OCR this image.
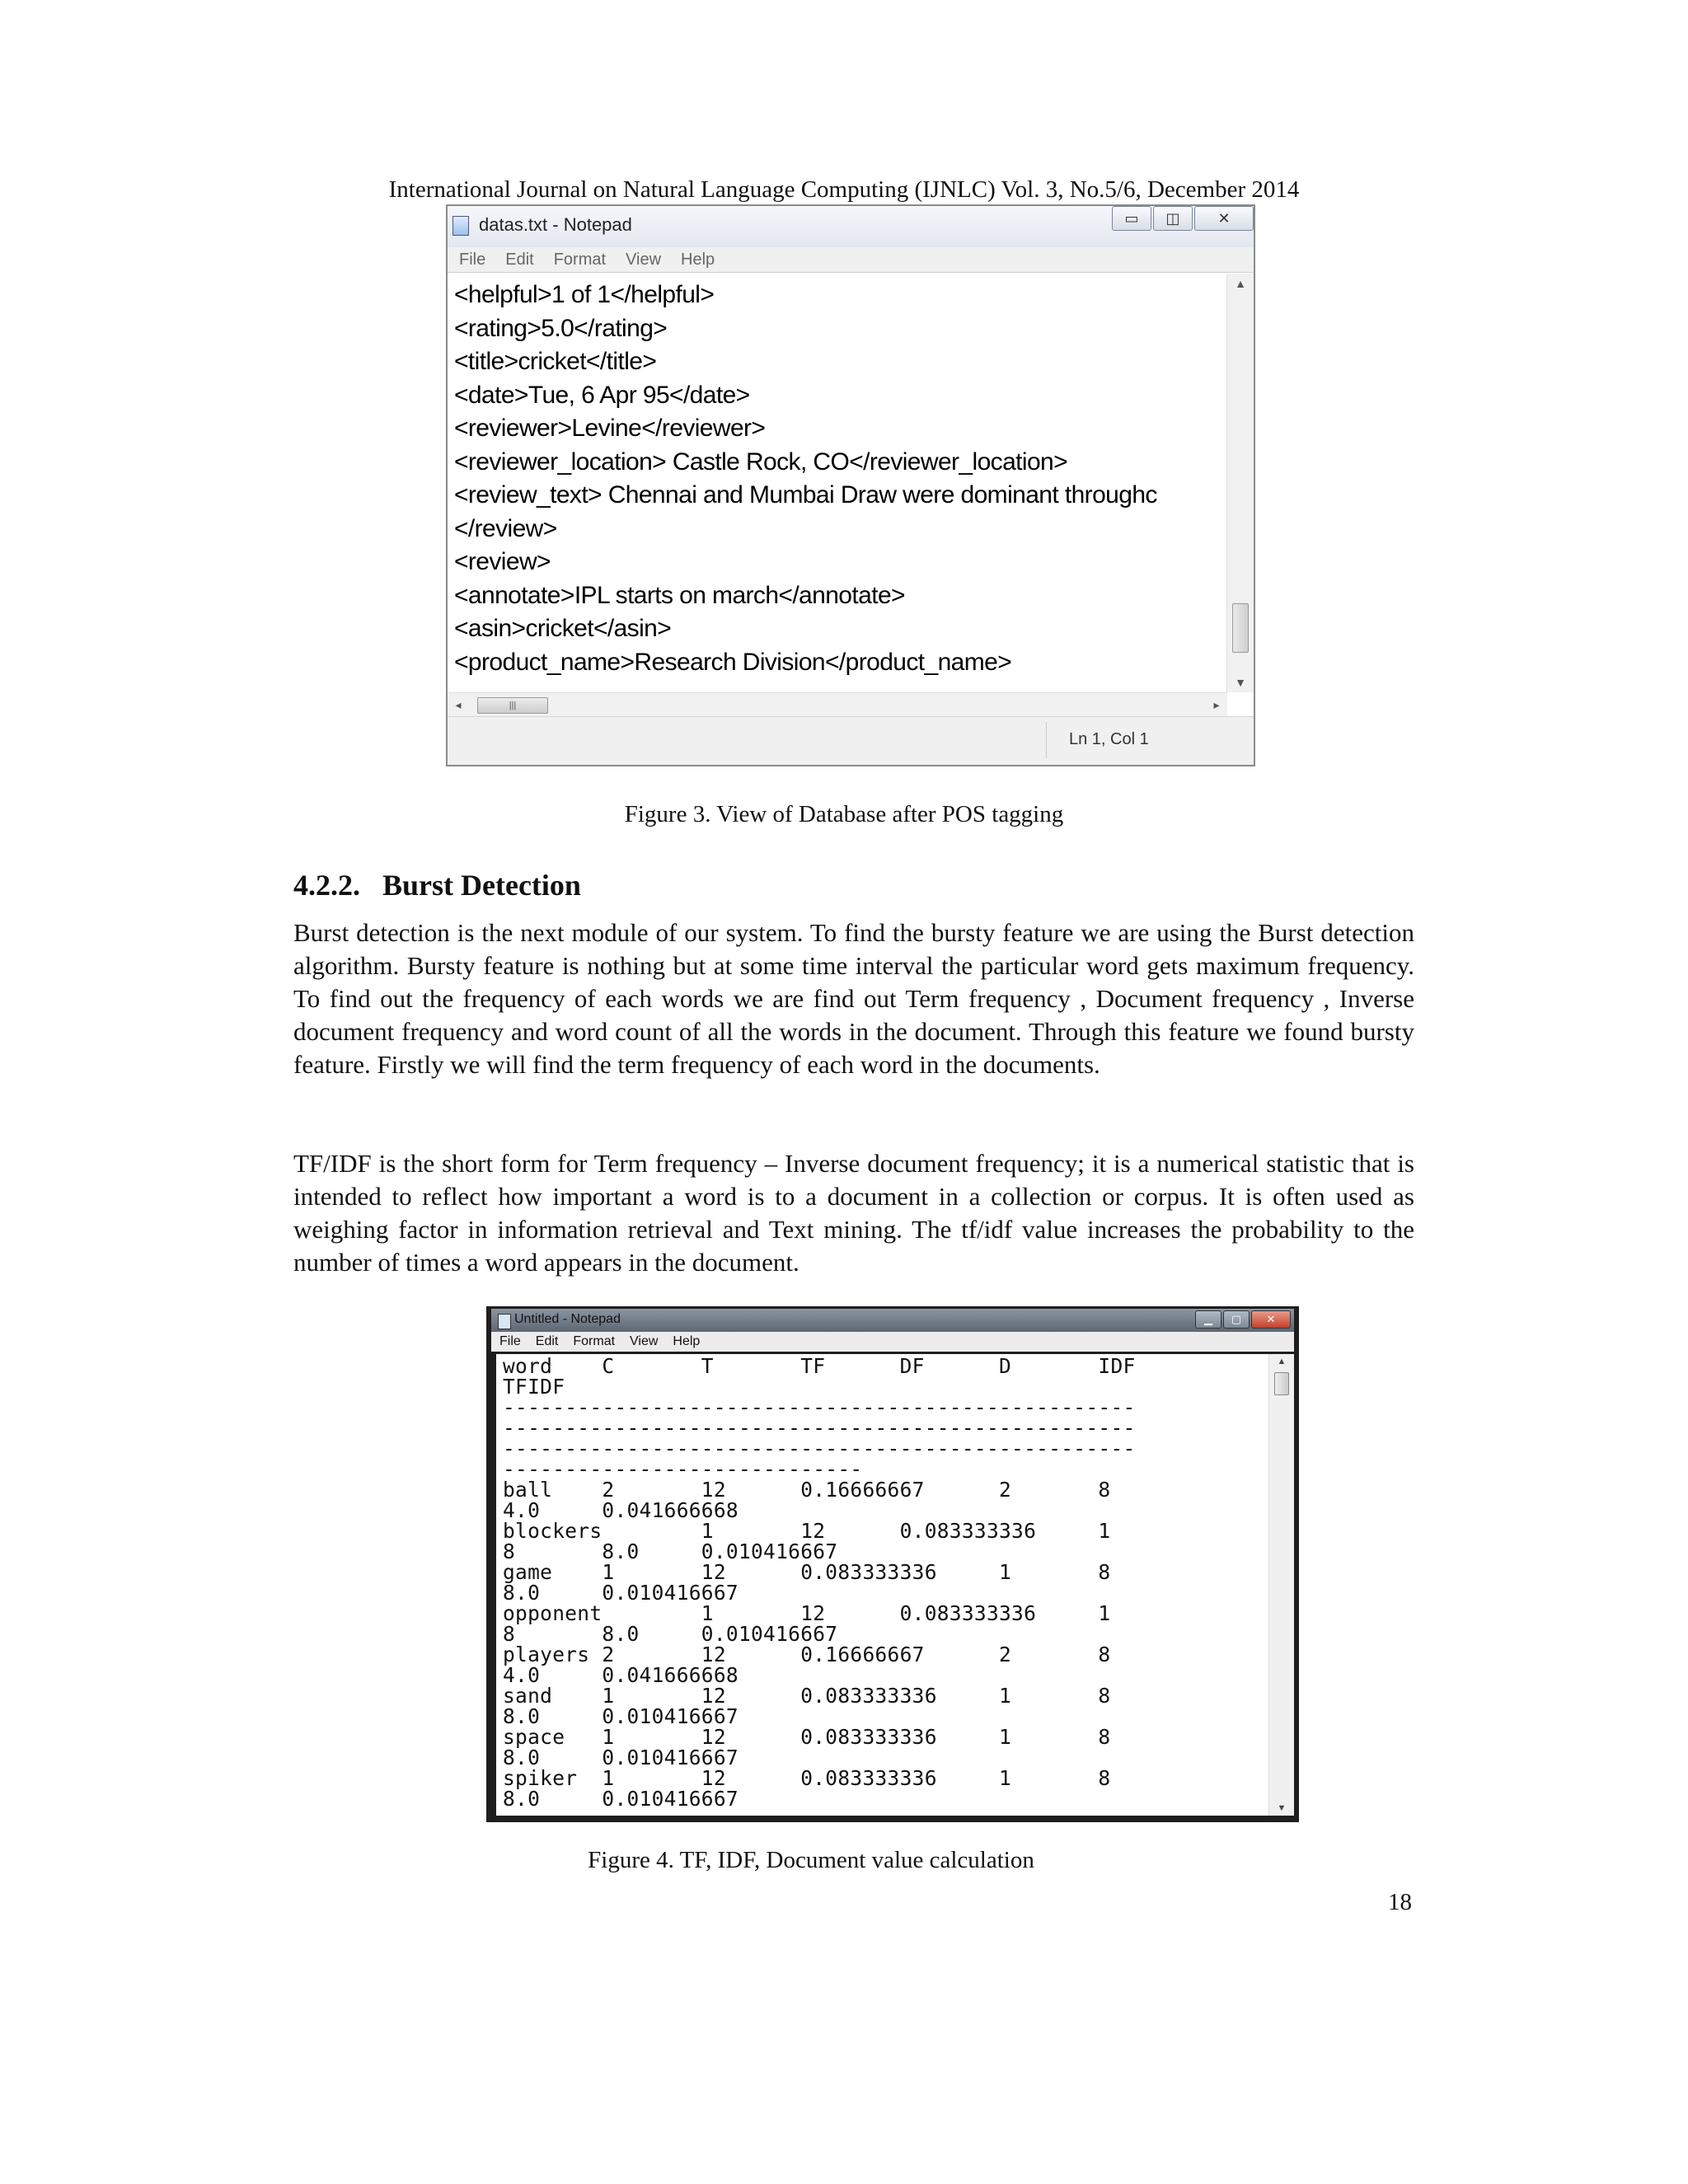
International Journal on Natural Language Computing (IJNLC) Vol. 3, No.5/6, December 2014
datas.txt - Notepad	▭	◫	✕
File Edit Format View Help
<helpful>1 of 1</helpful>
<rating>5.0</rating>
<title>cricket</title>
<date>Tue, 6 Apr 95</date>
<reviewer>Levine</reviewer>
<reviewer_location> Castle Rock, CO</reviewer_location>
<review_text> Chennai and Mumbai Draw were dominant throughc
</review>
<review>
<annotate>IPL starts on march</annotate>
<asin>cricket</asin>
<product_name>Research Division</product_name>
▲
▼
◂	|||	▸
Ln 1, Col 1
Figure 3. View of Database after POS tagging
4.2.2. Burst Detection

Burst detection is the next module of our system. To find the bursty feature we are using the Burst detection algorithm. Bursty feature is nothing but at some time interval the particular word gets maximum frequency. To find out the frequency of each words we are find out Term frequency , Document frequency , Inverse document frequency and word count of all the words in the document. Through this feature we found bursty feature. Firstly we will find the term frequency of each word in the documents.

TF/IDF is the short form for Term frequency – Inverse document frequency; it is a numerical statistic that is intended to reflect how important a word is to a document in a collection or corpus. It is often used as weighing factor in information retrieval and Text mining. The tf/idf value increases the probability to the number of times a word appears in the document.

Untitled - Notepad	▁	▢	✕
File Edit Format View Help
word    C       T       TF      DF      D       IDF
TFIDF
---------------------------------------------------
---------------------------------------------------
---------------------------------------------------
-----------------------------
ball    2       12      0.16666667      2       8
4.0     0.041666668
blockers        1       12      0.083333336     1
8       8.0     0.010416667
game    1       12      0.083333336     1       8
8.0     0.010416667
opponent        1       12      0.083333336     1
8       8.0     0.010416667
players 2       12      0.16666667      2       8
4.0     0.041666668
sand    1       12      0.083333336     1       8
8.0     0.010416667
space   1       12      0.083333336     1       8
8.0     0.010416667
spiker  1       12      0.083333336     1       8
8.0     0.010416667
▲
▼
Figure 4. TF, IDF, Document value calculation
18
